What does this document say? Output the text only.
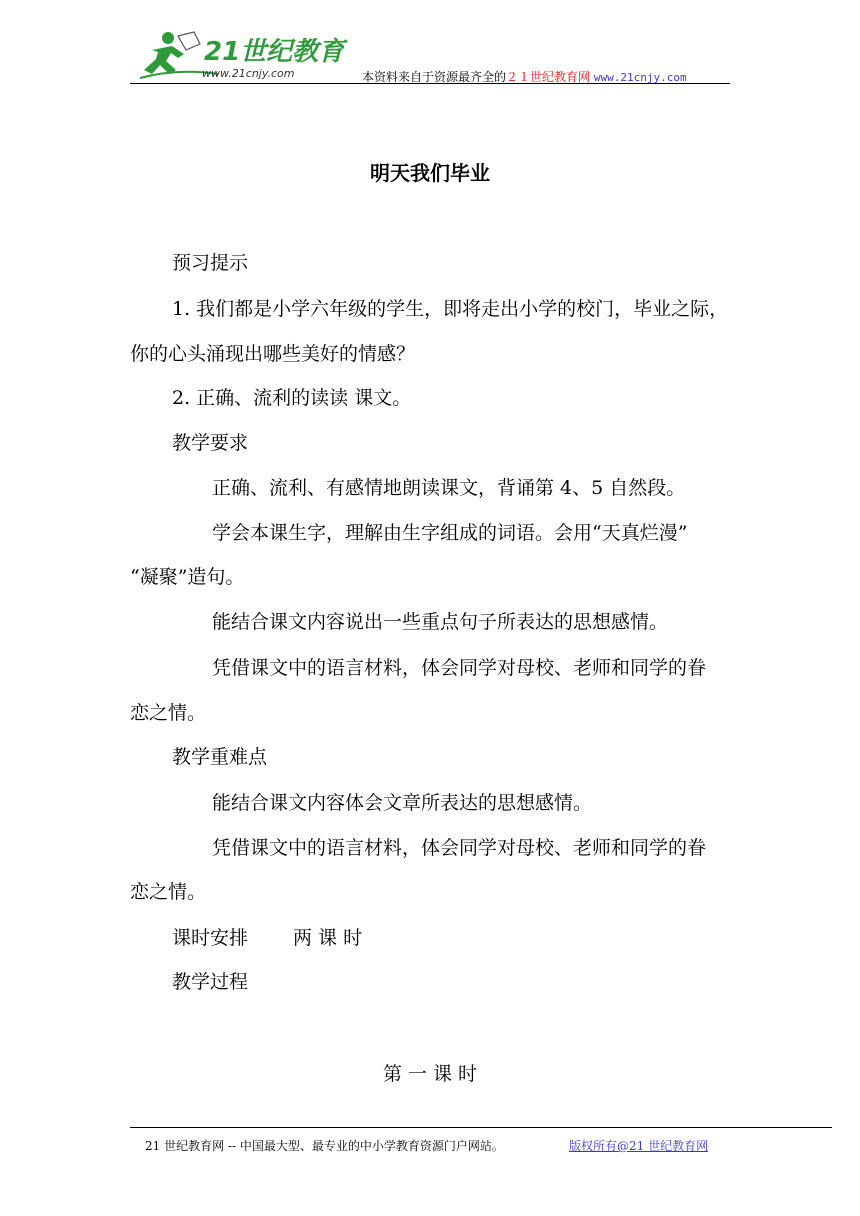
21世纪教育
www.21cnjy.com	本资料来自于资源最齐全的２１世纪教育网 www.21cnjy.com
明天我们毕业
预习提示
1. 我们都是小学六年级的学生，即将走出小学的校门，毕业之际，
你的心头涌现出哪些美好的情感？
2. 正确、流利的读读 课文。
教学要求
正确、流利、有感情地朗读课文，背诵第 4、5 自然段。
学会本课生字，理解由生字组成的词语。会用“天真烂漫”
“凝聚”造句。
能结合课文内容说出一些重点句子所表达的思想感情。
凭借课文中的语言材料，体会同学对母校、老师和同学的眷
恋之情。
教学重难点
能结合课文内容体会文章所表达的思想感情。
凭借课文中的语言材料，体会同学对母校、老师和同学的眷
恋之情。
课时安排 两 课 时
教学过程
第 一 课 时
21 世纪教育网 -- 中国最大型、最专业的中小学教育资源门户网站。	版权所有@21 世纪教育网
